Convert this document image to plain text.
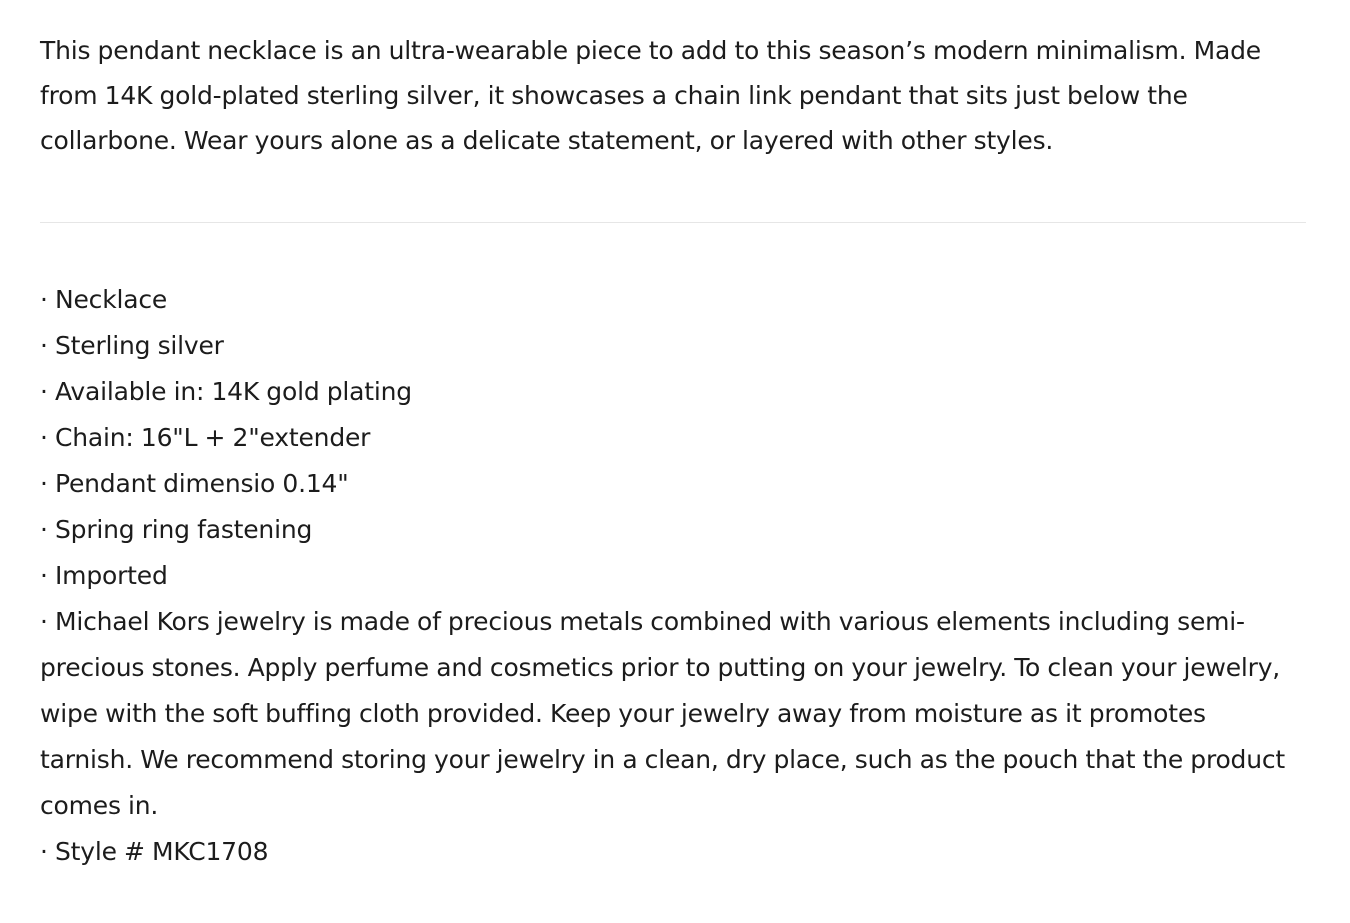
This pendant necklace is an ultra-wearable piece to add to this season’s modern minimalism. Made from 14K gold-plated sterling silver, it showcases a chain link pendant that sits just below the collarbone. Wear yours alone as a delicate statement, or layered with other styles.

· Necklace
· Sterling silver
· Available in: 14K gold plating
· Chain: 16"L + 2"extender
· Pendant dimensio 0.14"
· Spring ring fastening
· Imported
· Michael Kors jewelry is made of precious metals combined with various elements including semi-precious stones. Apply perfume and cosmetics prior to putting on your jewelry. To clean your jewelry, wipe with the soft buffing cloth provided. Keep your jewelry away from moisture as it promotes tarnish. We recommend storing your jewelry in a clean, dry place, such as the pouch that the product comes in.
· Style # MKC1708
